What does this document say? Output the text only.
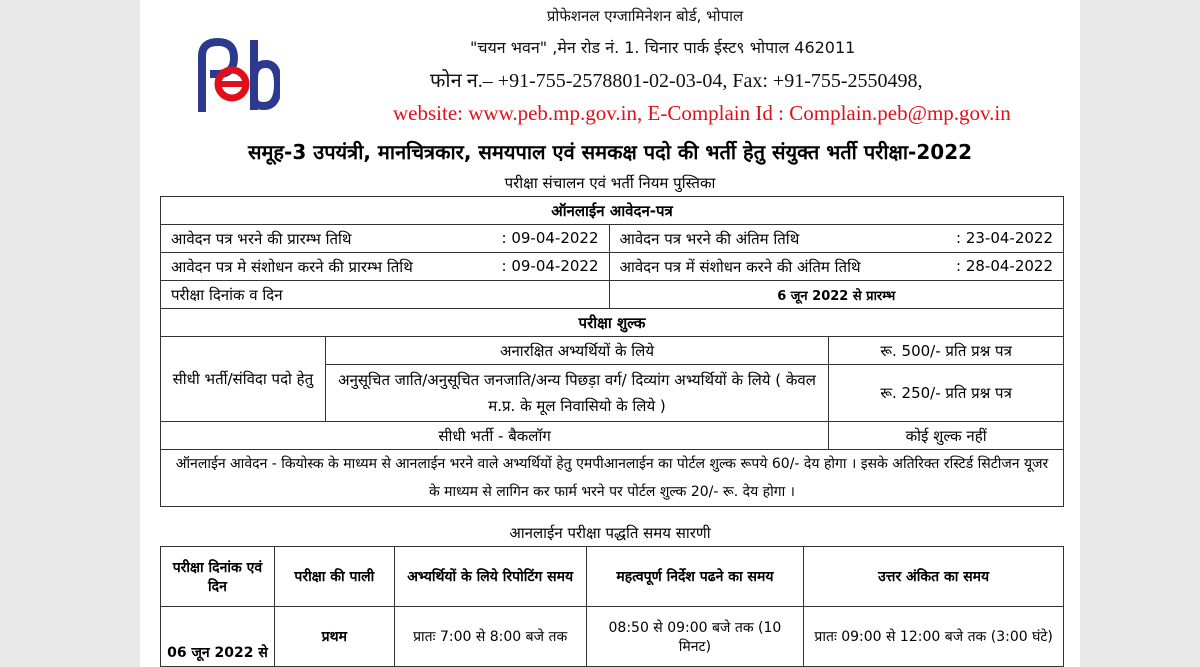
प्रोफेशनल एग्जामिनेशन बोर्ड, भोपाल
"चयन भवन" ,मेन रोड नं. 1. चिनार पार्क ईस्ट९ भोपाल 462011
फोन न.– +91-755-2578801-02-03-04, Fax: +91-755-2550498,
website: www.peb.mp.gov.in, E-Complain Id : Complain.peb@mp.gov.in
समूह-3 उपयंत्री, मानचित्रकार, समयपाल एवं समकक्ष पदो की भर्ती हेतु संयुक्त भर्ती परीक्षा-2022
परीक्षा संचालन एवं भर्ती नियम पुस्तिका
ऑनलाईन आवेदन-पत्र			
आवेदन पत्र भरने की प्रारम्भ तिथि : 09-04-2022		आवेदन पत्र भरने की अंतिम तिथि : 23-04-2022	

आवेदन पत्र मे संशोधन करने की प्रारम्भ तिथि : 09-04-2022		आवेदन पत्र में संशोधन करने की अंतिम तिथि : 28-04-2022	

परीक्षा दिनांक व दिन		6 जून 2022 से प्रारम्भ	
परीक्षा शुल्क			
सीधी भर्ती/संविदा पदो हेतु	अनारक्षित अभ्यर्थियों के लिये		रू. 500/- प्रति प्रश्न पत्र
	अनुसूचित जाति/अनुसूचित जनजाति/अन्य पिछड़ा वर्ग/ दिव्यांग अभ्यर्थियों के लिये ( केवल म.प्र. के मूल निवासियो के लिये )		रू. 250/- प्रति प्रश्न पत्र
सीधी भर्ती - बैकलॉग			कोई शुल्क नहीं
ऑनलाईन आवेदन - कियोस्क के माध्यम से आनलाईन भरने वाले अभ्यर्थियों हेतु एमपीआनलाईन का पोर्टल शुल्क रूपये 60/- देय होगा । इसके अतिरिक्त रस्टिर्ड सिटीजन यूजर के माध्यम से लागिन कर फार्म भरने पर पोर्टल शुल्क 20/- रू. देय होगा ।			
आनलाईन परीक्षा पद्धति समय सारणी
परीक्षा दिनांक एवं दिन	परीक्षा की पाली	अभ्यर्थियों के लिये रिपोटिंग समय	महत्वपूर्ण निर्देश पढने का समय	उत्तर अंकित का समय
06 जून 2022 से	प्रथम	प्रातः 7:00 से 8:00 बजे तक	08:50 से 09:00 बजे तक (10 मिनट)	प्रातः 09:00 से 12:00 बजे तक (3:00 घंटे)
